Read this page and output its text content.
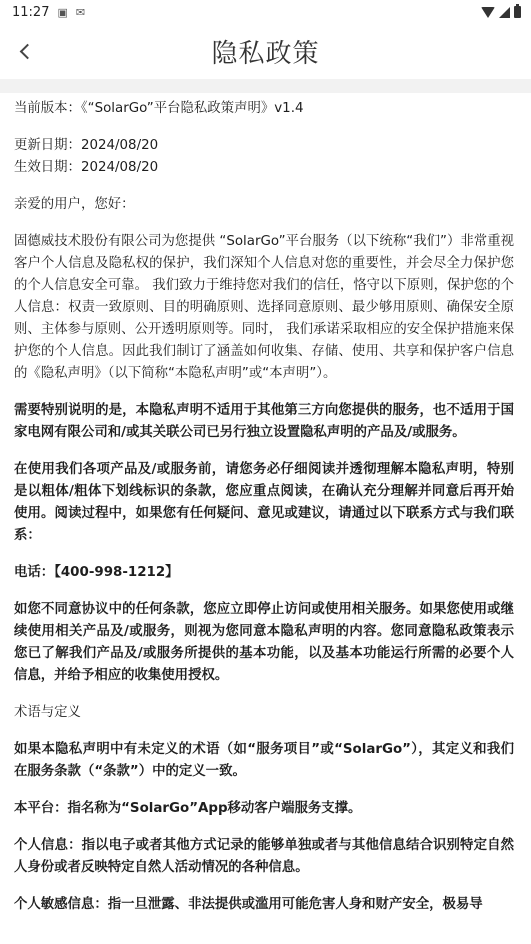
11:27 ▣ ✉
隐私政策

当前版本：《“SolarGo”平台隐私政策声明》v1.4

更新日期：2024/08/20

生效日期：2024/08/20

亲爱的用户，您好：

固德威技术股份有限公司为您提供 “SolarGo”平台服务（以下统称“我们”）非常重视客户个人信息及隐私权的保护，我们深知个人信息对您的重要性，并会尽全力保护您的个人信息安全可靠。 我们致力于维持您对我们的信任，恪守以下原则，保护您的个人信息：权责一致原则、目的明确原则、选择同意原则、最少够用原则、确保安全原则、主体参与原则、公开透明原则等。同时， 我们承诺采取相应的安全保护措施来保护您的个人信息。因此我们制订了涵盖如何收集、存储、使用、共享和保护客户信息的《隐私声明》（以下简称“本隐私声明”或“本声明”）。

需要特别说明的是，本隐私声明不适用于其他第三方向您提供的服务，也不适用于国家电网有限公司和/或其关联公司已另行独立设置隐私声明的产品及/或服务。

在使用我们各项产品及/或服务前，请您务必仔细阅读并透彻理解本隐私声明，特别是以粗体/粗体下划线标识的条款，您应重点阅读，在确认充分理解并同意后再开始使用。阅读过程中，如果您有任何疑问、意见或建议，请通过以下联系方式与我们联系：

电话：【400-998-1212】

如您不同意协议中的任何条款，您应立即停止访问或使用相关服务。如果您使用或继续使用相关产品及/或服务，则视为您同意本隐私声明的内容。您同意隐私政策表示您已了解我们产品及/或服务所提供的基本功能，以及基本功能运行所需的必要个人信息，并给予相应的收集使用授权。

术语与定义

如果本隐私声明中有未定义的术语（如“服务项目”或“SolarGo”），其定义和我们在服务条款（“条款”）中的定义一致。

本平台：指名称为“SolarGo”App移动客户端服务支撑。

个人信息：指以电子或者其他方式记录的能够单独或者与其他信息结合识别特定自然人身份或者反映特定自然人活动情况的各种信息。

个人敏感信息：指一旦泄露、非法提供或滥用可能危害人身和财产安全，极易导
